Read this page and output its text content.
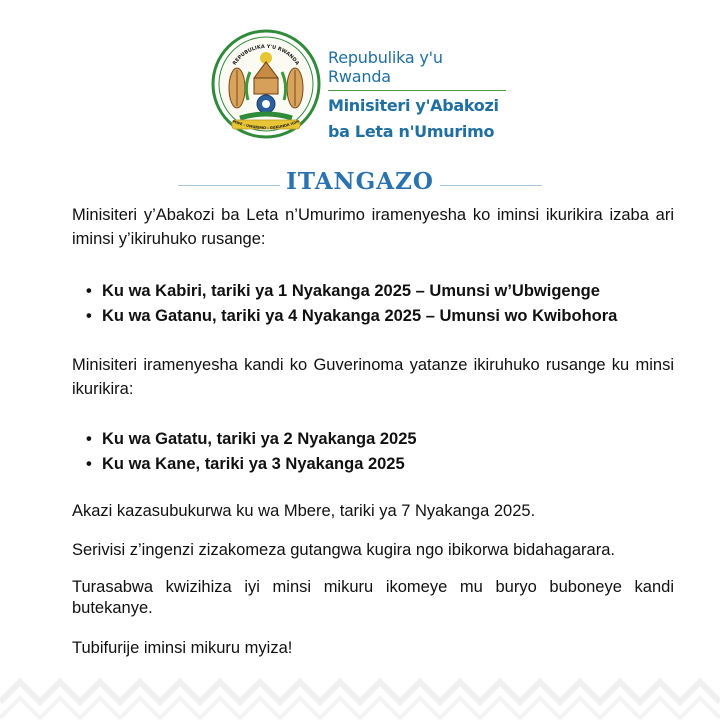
REPUBULIKA Y'U RWANDA
MWE - UMURIMO - GUKUNDA IGIH
Repubulika y'u Rwanda
Minisiteri y'Abakozi
ba Leta n'Umurimo
ITANGAZO

Minisiteri y’Abakozi ba Leta n’Umurimo iramenyesha ko iminsi ikurikira izaba ari iminsi y’ikiruhuko rusange:

• Ku wa Kabiri, tariki ya 1 Nyakanga 2025 – Umunsi w’Ubwigenge
• Ku wa Gatanu, tariki ya 4 Nyakanga 2025 – Umunsi wo Kwibohora

Minisiteri iramenyesha kandi ko Guverinoma yatanze ikiruhuko rusange ku minsi ikurikira:

• Ku wa Gatatu, tariki ya 2 Nyakanga 2025
• Ku wa Kane, tariki ya 3 Nyakanga 2025

Akazi kazasubukurwa ku wa Mbere, tariki ya 7 Nyakanga 2025.

Serivisi z’ingenzi zizakomeza gutangwa kugira ngo ibikorwa bidahagarara.

Turasabwa kwizihiza iyi minsi mikuru ikomeye mu buryo buboneye kandi butekanye.

Tubifurije iminsi mikuru myiza!
